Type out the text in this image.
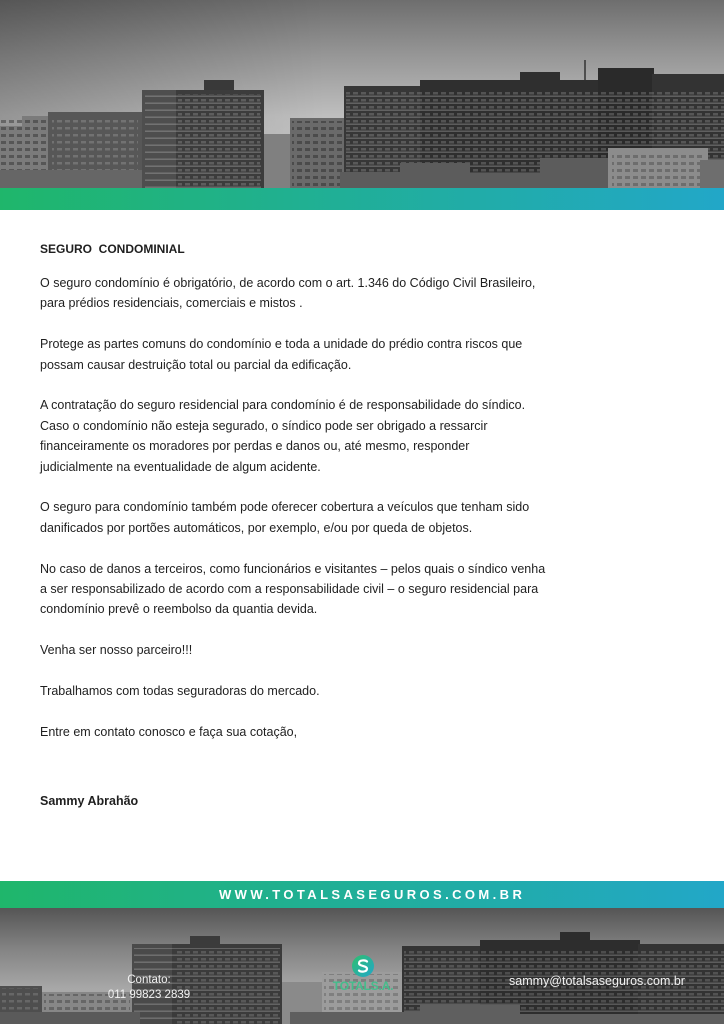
SEGURO  CONDOMINIAL

O seguro condomínio é obrigatório, de acordo com o art. 1.346 do Código Civil Brasileiro,
para prédios residenciais, comerciais e mistos .

Protege as partes comuns do condomínio e toda a unidade do prédio contra riscos que
possam causar destruição total ou parcial da edificação.

A contratação do seguro residencial para condomínio é de responsabilidade do síndico.
Caso o condomínio não esteja segurado, o síndico pode ser obrigado a ressarcir
financeiramente os moradores por perdas e danos ou, até mesmo, responder
judicialmente na eventualidade de algum acidente.

O seguro para condomínio também pode oferecer cobertura a veículos que tenham sido
danificados por portões automáticos, por exemplo, e/ou por queda de objetos.

No caso de danos a terceiros, como funcionários e visitantes – pelos quais o síndico venha
a ser responsabilizado de acordo com a responsabilidade civil – o seguro residencial para
condomínio prevê o reembolso da quantia devida.

Venha ser nosso parceiro!!!

Trabalhamos com todas seguradoras do mercado.

Entre em contato conosco e faça sua cotação,

Sammy Abrahão
WWW.TOTALSASEGUROS.COM.BR
Contato:
011 99823 2839
TOTALS.A.	sammy@totalsaseguros.com.br
